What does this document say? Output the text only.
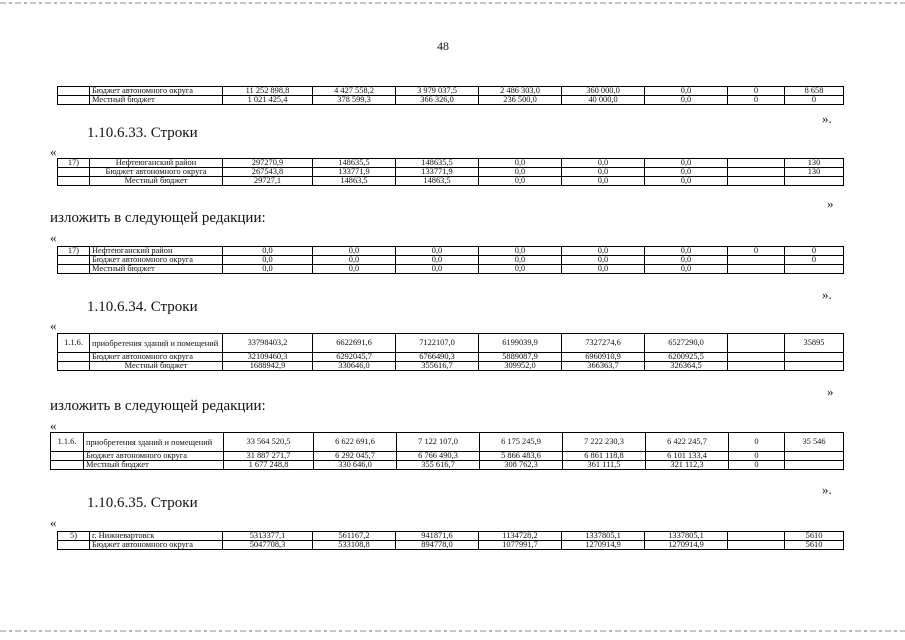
48
	Бюджет автономного округа	11 252 898,8	4 427 558,2	3 979 037,5	2 486 303,0	360 000,0	0,0	0	8 658
	Местный бюджет	1 021 425,4	378 599,3	366 326,0	236 500,0	40 000,0	0,0	0	0
».
1.10.6.33. Строки
«
17)	Нефтеюганский район	297270,9	148635,5	148635,5	0,0	0,0	0,0		130
	Бюджет автономного округа	267543,8	133771,9	133771,9	0,0	0,0	0,0		130
	Местный бюджет	29727,1	14863,5	14863,5	0,0	0,0	0,0		
»
изложить в следующей редакции:
«
17)	Нефтеюганский район	0,0	0,0	0,0	0,0	0,0	0,0	0	0
	Бюджет автономного округа	0,0	0,0	0,0	0,0	0,0	0,0		0
	Местный бюджет	0,0	0,0	0,0	0,0	0,0	0,0		
».
1.10.6.34. Строки
«
1.1.6.	приобретения зданий и помещений	33798403,2	6622691,6	7122107,0	6199039,9	7327274,6	6527290,0		35895
	Бюджет автономного округа	32109460,3	6292045,7	6766490,3	5889087,9	6960910,9	6200925,5		
	Местный бюджет	1688942,9	330646,0	355616,7	309952,0	366363,7	326364,5		
»
изложить в следующей редакции:
«
1.1.6.	приобретения зданий и помещений	33 564 520,5	6 622 691,6	7 122 107,0	6 175 245,9	7 222 230,3	6 422 245,7	0	35 546
	Бюджет автономного округа	31 887 271,7	6 292 045,7	6 766 490,3	5 866 483,6	6 861 118,8	6 101 133,4	0	
	Местный бюджет	1 677 248,8	330 646,0	355 616,7	308 762,3	361 111,5	321 112,3	0	
».
1.10.6.35. Строки
«
5)	г. Нижневартовск	5313377,1	561167,2	941871,6	1134728,2	1337805,1	1337805,1		5610
	Бюджет автономного округа	5047708,3	533108,8	894778,0	1077991,7	1270914,9	1270914,9		5610
